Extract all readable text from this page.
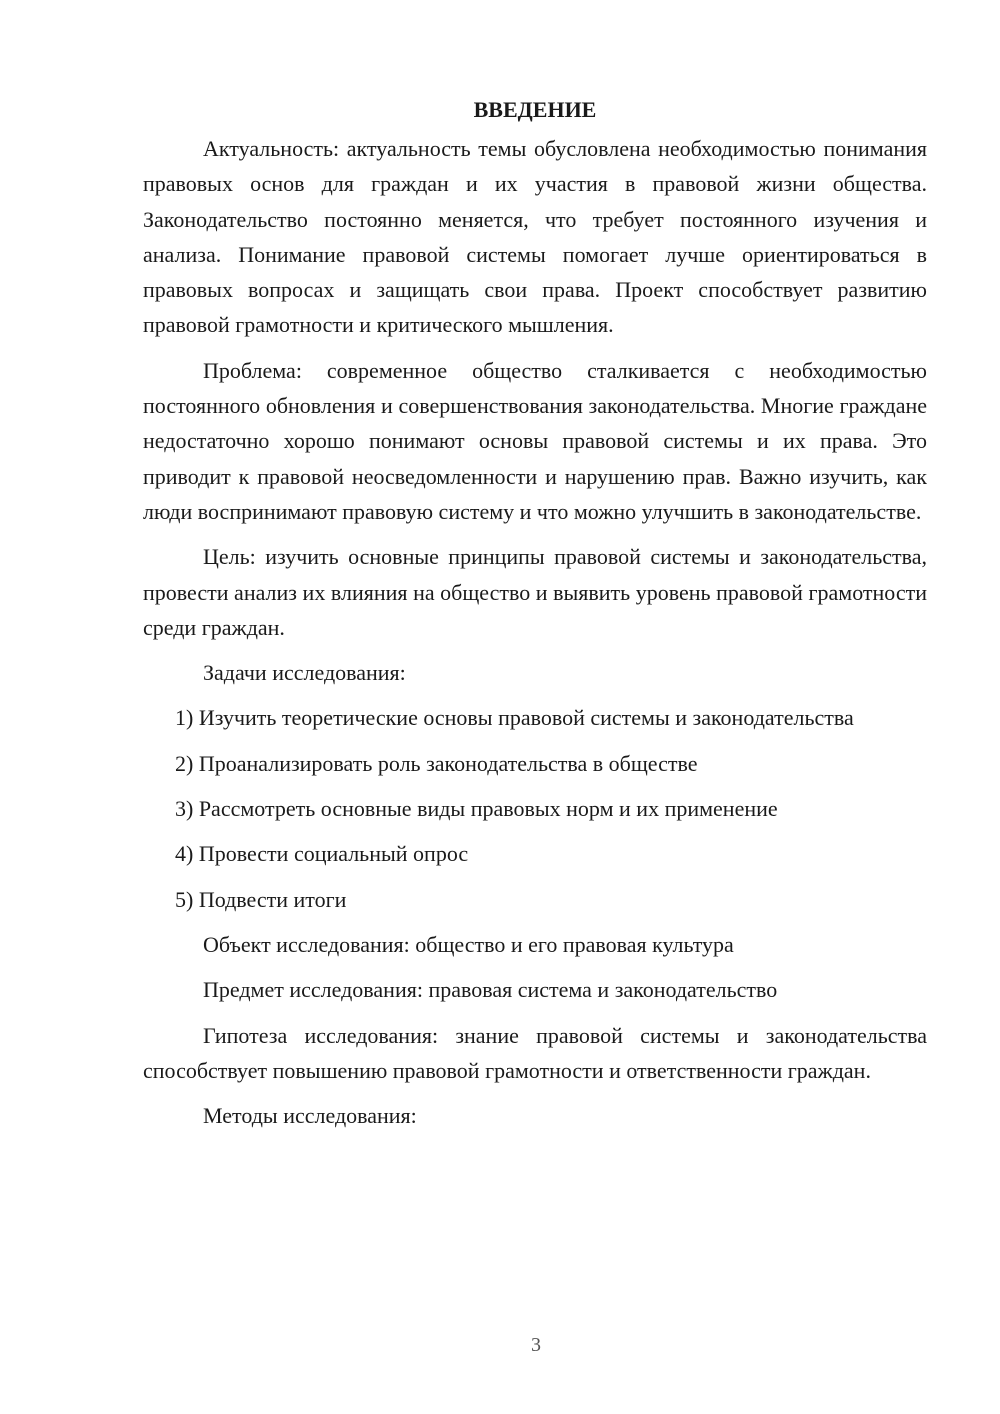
ВВЕДЕНИЕ

Актуальность: актуальность темы обусловлена необходимостью понимания правовых основ для граждан и их участия в правовой жизни общества. Законодательство постоянно меняется, что требует постоянного изучения и анализа. Понимание правовой системы помогает лучше ориентироваться в правовых вопросах и защищать свои права. Проект способствует развитию правовой грамотности и критического мышления.

Проблема: современное общество сталкивается с необходимостью постоянного обновления и совершенствования законодательства. Многие граждане недостаточно хорошо понимают основы правовой системы и их права. Это приводит к правовой неосведомленности и нарушению прав. Важно изучить, как люди воспринимают правовую систему и что можно улучшить в законодательстве.

Цель: изучить основные принципы правовой системы и законодательства, провести анализ их влияния на общество и выявить уровень правовой грамотности среди граждан.

Задачи исследования:

1) Изучить теоретические основы правовой системы и законодательства

2) Проанализировать роль законодательства в обществе

3) Рассмотреть основные виды правовых норм и их применение

4) Провести социальный опрос

5) Подвести итоги

Объект исследования: общество и его правовая культура

Предмет исследования: правовая система и законодательство

Гипотеза исследования: знание правовой системы и законодательства способствует повышению правовой грамотности и ответственности граждан.

Методы исследования:

3
